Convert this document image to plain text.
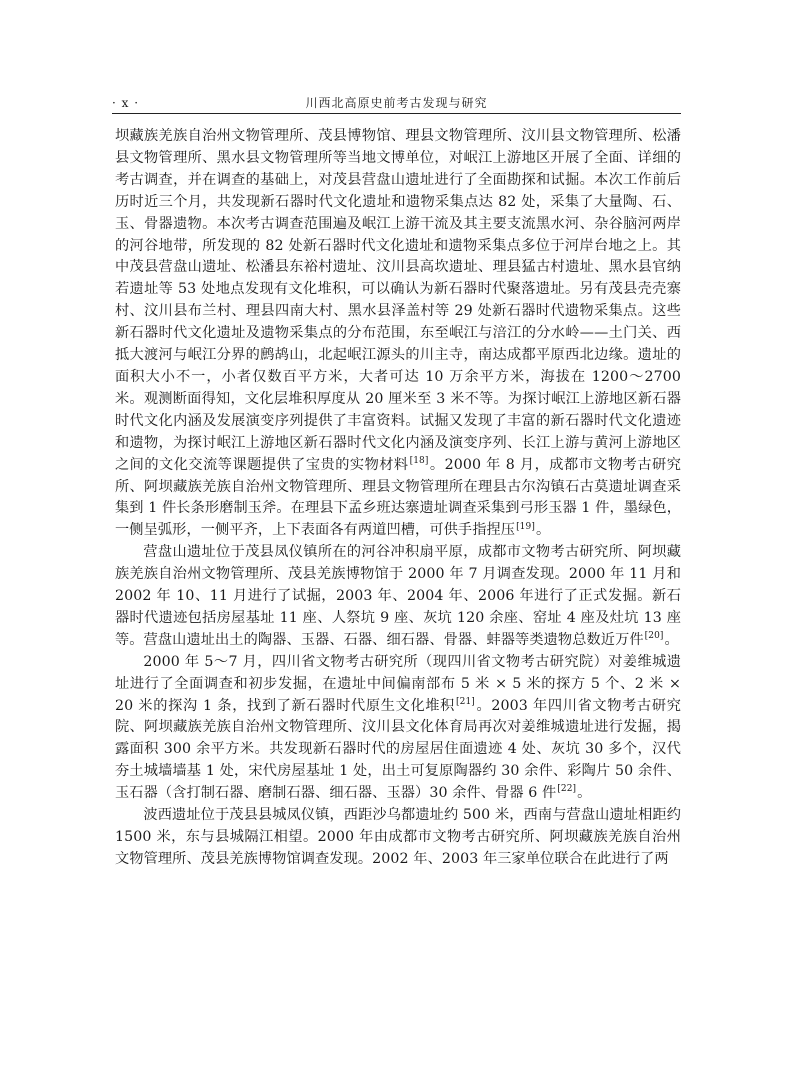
· x ·	川西北高原史前考古发现与研究

坝藏族羌族自治州文物管理所、茂县博物馆、理县文物管理所、汶川县文物管理所、松潘县文物管理所、黑水县文物管理所等当地文博单位，对岷江上游地区开展了全面、详细的考古调查，并在调查的基础上，对茂县营盘山遗址进行了全面勘探和试掘。本次工作前后历时近三个月，共发现新石器时代文化遗址和遗物采集点达 82 处，采集了大量陶、石、玉、骨器遗物。本次考古调查范围遍及岷江上游干流及其主要支流黑水河、杂谷脑河两岸的河谷地带，所发现的 82 处新石器时代文化遗址和遗物采集点多位于河岸台地之上。其中茂县营盘山遗址、松潘县东裕村遗址、汶川县高坎遗址、理县猛古村遗址、黑水县官纳若遗址等 53 处地点发现有文化堆积，可以确认为新石器时代聚落遗址。另有茂县壳壳寨村、汶川县布兰村、理县四南大村、黑水县泽盖村等 29 处新石器时代遗物采集点。这些新石器时代文化遗址及遗物采集点的分布范围，东至岷江与涪江的分水岭——土门关、西抵大渡河与岷江分界的鹧鸪山，北起岷江源头的川主寺，南达成都平原西北边缘。遗址的面积大小不一，小者仅数百平方米，大者可达 10 万余平方米，海拔在 1200～2700 米。观测断面得知，文化层堆积厚度从 20 厘米至 3 米不等。为探讨岷江上游地区新石器时代文化内涵及发展演变序列提供了丰富资料。试掘又发现了丰富的新石器时代文化遗迹和遗物，为探讨岷江上游地区新石器时代文化内涵及演变序列、长江上游与黄河上游地区之间的文化交流等课题提供了宝贵的实物材料[18]。2000 年 8 月，成都市文物考古研究所、阿坝藏族羌族自治州文物管理所、理县文物管理所在理县古尔沟镇石古莫遗址调查采集到 1 件长条形磨制玉斧。在理县下孟乡班达寨遗址调查采集到弓形玉器 1 件，墨绿色，一侧呈弧形，一侧平齐，上下表面各有两道凹槽，可供手指捏压[19]。

营盘山遗址位于茂县凤仪镇所在的河谷冲积扇平原，成都市文物考古研究所、阿坝藏族羌族自治州文物管理所、茂县羌族博物馆于 2000 年 7 月调查发现。2000 年 11 月和 2002 年 10、11 月进行了试掘，2003 年、2004 年、2006 年进行了正式发掘。新石器时代遗迹包括房屋基址 11 座、人祭坑 9 座、灰坑 120 余座、窑址 4 座及灶坑 13 座等。营盘山遗址出土的陶器、玉器、石器、细石器、骨器、蚌器等类遗物总数近万件[20]。

2000 年 5～7 月，四川省文物考古研究所（现四川省文物考古研究院）对姜维城遗址进行了全面调查和初步发掘，在遗址中间偏南部布 5 米 × 5 米的探方 5 个、2 米 × 20 米的探沟 1 条，找到了新石器时代原生文化堆积[21]。2003 年四川省文物考古研究院、阿坝藏族羌族自治州文物管理所、汶川县文化体育局再次对姜维城遗址进行发掘，揭露面积 300 余平方米。共发现新石器时代的房屋居住面遗迹 4 处、灰坑 30 多个，汉代夯土城墙墙基 1 处，宋代房屋基址 1 处，出土可复原陶器约 30 余件、彩陶片 50 余件、玉石器（含打制石器、磨制石器、细石器、玉器）30 余件、骨器 6 件[22]。

波西遗址位于茂县县城凤仪镇，西距沙乌都遗址约 500 米，西南与营盘山遗址相距约 1500 米，东与县城隔江相望。2000 年由成都市文物考古研究所、阿坝藏族羌族自治州文物管理所、茂县羌族博物馆调查发现。2002 年、2003 年三家单位联合在此进行了两
